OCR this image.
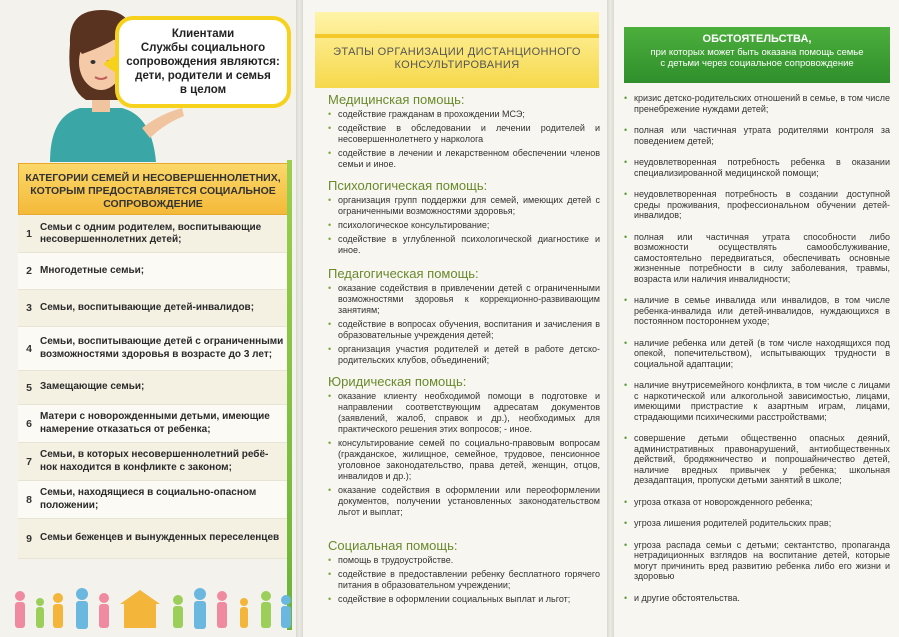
Клиентами
Службы социального
сопровождения являются:
дети, родители и семья
в целом
КАТЕГОРИИ СЕМЕЙ И НЕСОВЕРШЕННОЛЕТНИХ,
КОТОРЫМ ПРЕДОСТАВЛЯЕТСЯ СОЦИАЛЬНОЕ
СОПРОВОЖДЕНИЕ
1
Семьи с одним родителем, воспитывающие несовершеннолетних детей;
2 Многодетные семьи;
3 Семьи, воспитывающие детей-инвалидов;
4
Семьи, воспитывающие детей с ограниченными возможностями здоровья в возрасте до 3 лет;
5 Замещающие семьи;
6
Матери с новорожденными детьми, имеющие намерение отказаться от ребенка;
7
Семьи, в которых несовершеннолетний ребё-нок находится в конфликте с законом;
8
Семьи, находящиеся в социально-опасном положении;
9 Семьи беженцев и вынужденных переселенцев
ЭТАПЫ ОРГАНИЗАЦИИ ДИСТАНЦИОННОГО
КОНСУЛЬТИРОВАНИЯ
Медицинская помощь:
• содействие гражданам в прохождении МСЭ;
• содействие в обследовании и лечении родителей и несовершеннолетнего у нарколога
• содействие в лечении и лекарственном обеспечении членов семьи и иное.
Психологическая помощь:
• организация групп поддержки для семей, имеющих детей с ограниченными возможностями здоровья;
• психологическое консультирование;
• содействие в углубленной психологической диагностике и иное.
Педагогическая помощь:
• оказание содействия в привлечении детей с ограниченными возможностями здоровья к коррекционно-развивающим занятиям;
• содействие в вопросах обучения, воспитания и зачисления в образовательные учреждения детей;
• организация участия родителей и детей в работе детско- родительских клубов, объединений;
Юридическая помощь:
• оказание клиенту необходимой помощи в подготовке и направлении соответствующим адресатам документов (заявлений, жалоб, справок и др.), необходимых для практического решения этих вопросов; - иное.
• консультирование семей по социально-правовым вопросам (гражданское, жилищное, семейное, трудовое, пенсионное уголовное законодательство, права детей, женщин, отцов, инвалидов и др.);
• оказание содействия в оформлении или переоформлении документов, получении установленных законодательством льгот и выплат;
Социальная помощь:
• помощь в трудоустройстве.
• содействие в предоставлении ребенку бесплатного горячего питания в образовательном учреждении;
• содействие в оформлении социальных выплат и льгот;
ОБСТОЯТЕЛЬСТВА,
при которых может быть оказана помощь семье
с детьми через социальное сопровождение
• кризис детско-родительских отношений в семье, в том числе пренебрежение нуждами детей;
• полная или частичная утрата родителями контроля за поведением детей;
• неудовлетворенная потребность ребенка в оказании специализированной медицинской помощи;
• неудовлетворенная потребность в создании доступной среды проживания, профессиональном обучении детей-инвалидов;
• полная или частичная утрата способности либо возможности осуществлять самообслуживание, самостоятельно передвигаться, обеспечивать основные жизненные потребности в силу заболевания, травмы, возраста или наличия инвалидности;
• наличие в семье инвалида или инвалидов, в том числе ребенка-инвалида или детей-инвалидов, нуждающихся в постоянном постороннем уходе;
• наличие ребенка или детей (в том числе находящихся под опекой, попечительством), испытывающих трудности в социальной адаптации;
• наличие внутрисемейного конфликта, в том числе с лицами с наркотической или алкогольной зависимостью, лицами, имеющими пристрастие к азартным играм, лицами, страдающими психическими расстройствами;
• совершение детьми общественно опасных деяний, административных правонарушений, антиобщественных действий, бродяжничество и попрошайничество детей, наличие вредных привычек у ребенка; школьная дезадаптация, пропуски детьми занятий в школе;
• угроза отказа от новорожденного ребенка;
• угроза лишения родителей родительских прав;
• угроза распада семьи с детьми; сектантство, пропаганда нетрадиционных взглядов на воспитание детей, которые могут причинить вред развитию ребенка либо его жизни и здоровью
• и другие обстоятельства.
